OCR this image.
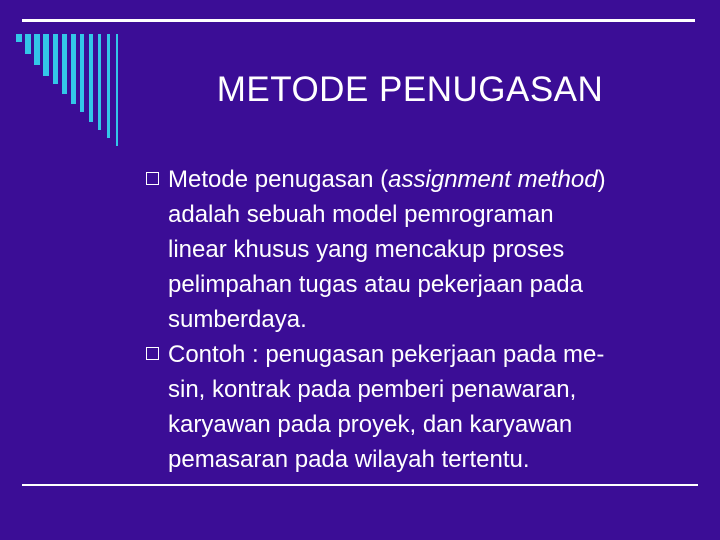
METODE PENUGASAN
Metode penugasan (assignment method)
adalah sebuah model pemrograman
linear khusus yang mencakup proses
pelimpahan tugas atau pekerjaan pada
sumberdaya.
Contoh : penugasan pekerjaan pada me-
sin, kontrak pada pemberi penawaran,
karyawan pada proyek, dan karyawan
pemasaran pada wilayah tertentu.
